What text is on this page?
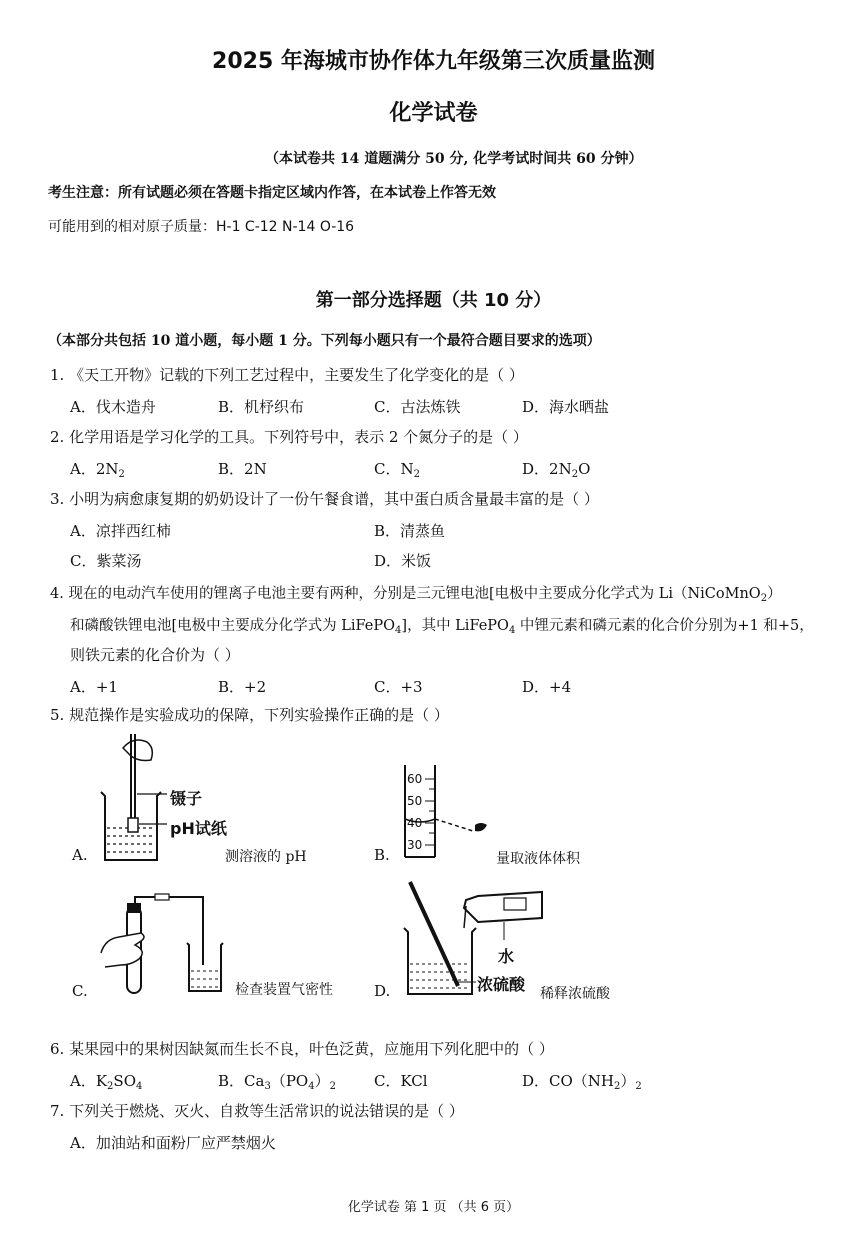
2025 年海城市协作体九年级第三次质量监测
化学试卷
（本试卷共 14 道题满分 50 分, 化学考试时间共 60 分钟）
考生注意：所有试题必须在答题卡指定区域内作答，在本试卷上作答无效
可能用到的相对原子质量：H-1 C-12 N-14 O-16
第一部分选择题（共 10 分）
（本部分共包括 10 道小题，每小题 1 分。下列每小题只有一个最符合题目要求的选项）
1. 《天工开物》记载的下列工艺过程中，主要发生了化学变化的是（ ）
A．伐木造舟	B．机杼织布	C．古法炼铁	D．海水晒盐
2. 化学用语是学习化学的工具。下列符号中，表示 2 个氮分子的是（ ）
A．$2N_2$	B．2N	C．$N_2$	D．$2N_2O$
3. 小明为病愈康复期的奶奶设计了一份午餐食谱，其中蛋白质含量最丰富的是（ ）
A．凉拌西红柿	B．清蒸鱼
C．紫菜汤	D．米饭
4. 现在的电动汽车使用的锂离子电池主要有两种，分别是三元锂电池[电极中主要成分化学式为 Li（NiCoMnO$_2$）
和磷酸铁锂电池[电极中主要成分化学式为 LiFePO$_4$]，其中 LiFePO$_4$ 中锂元素和磷元素的化合价分别为+1 和+5，
则铁元素的化合价为（ ）
A．+1	B．+2	C．+3	D．+4
5. 规范操作是实验成功的保障，下列实验操作正确的是（ ）
镊子
pH试纸
A.	测溶液的 pH
60
50
40
30
B.	量取液体体积
C.	检查装置气密性
水
浓硫酸
D.	稀释浓硫酸
6. 某果园中的果树因缺氮而生长不良，叶色泛黄，应施用下列化肥中的（ ）
A．$K_2SO_4$	B．$Ca_3(PO_4)_2$	C．KCl	D．$CO(NH_2)_2$
7. 下列关于燃烧、灭火、自救等生活常识的说法错误的是（ ）
A．加油站和面粉厂应严禁烟火
化学试卷 第 1 页 （共 6 页）
